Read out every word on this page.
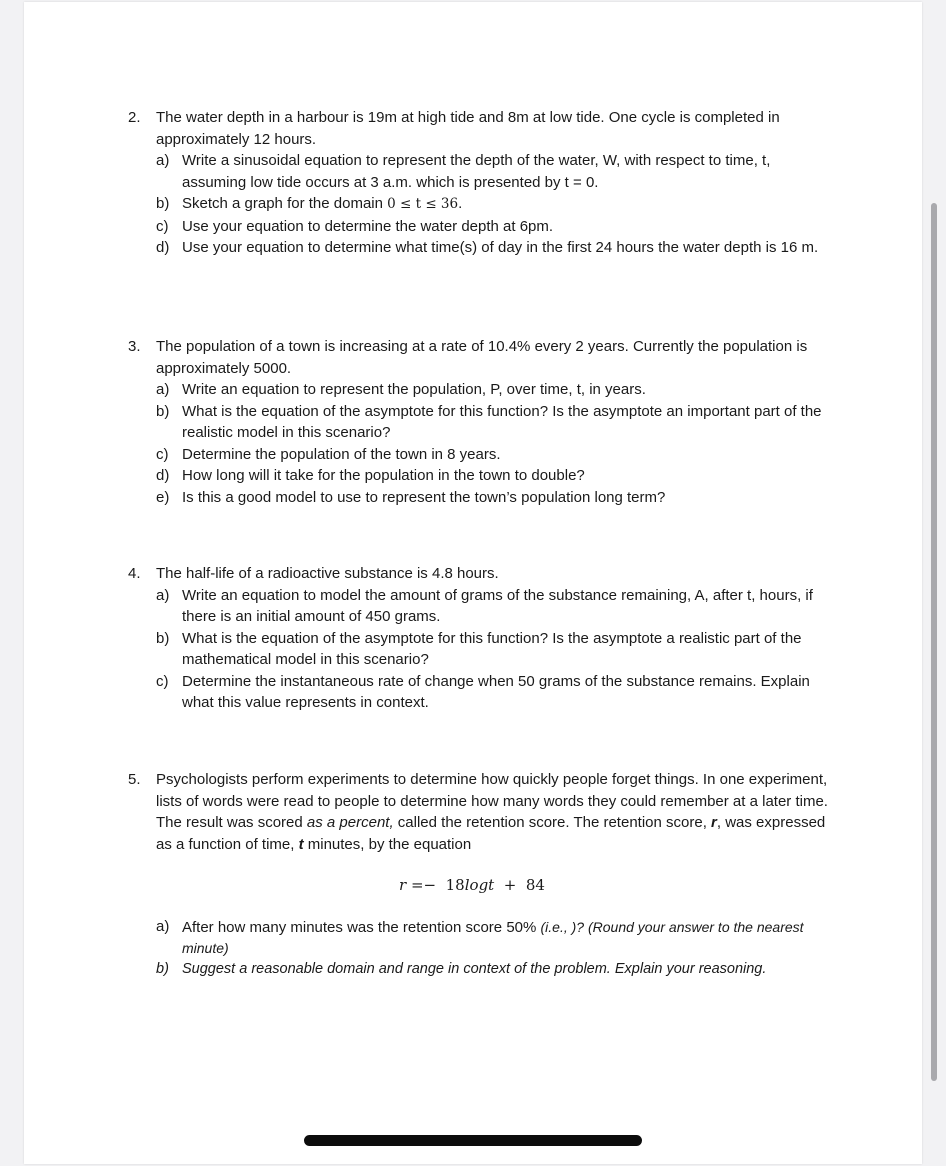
2.	The water depth in a harbour is 19m at high tide and 8m at low tide. One cycle is completed in approximately 12 hours.
a) Write a sinusoidal equation to represent the depth of the water, W, with respect to time, t, assuming low tide occurs at 3 a.m. which is presented by t = 0.
b) Sketch a graph for the domain 0 ≤ t ≤ 36.
c) Use your equation to determine the water depth at 6pm.
d) Use your equation to determine what time(s) of day in the first 24 hours the water depth is 16 m.
3.	The population of a town is increasing at a rate of 10.4% every 2 years. Currently the population is approximately 5000.
a) Write an equation to represent the population, P, over time, t, in years.
b) What is the equation of the asymptote for this function? Is the asymptote an important part of the realistic model in this scenario?
c) Determine the population of the town in 8 years.
d) How long will it take for the population in the town to double?
e) Is this a good model to use to represent the town’s population long term?
4.	The half-life of a radioactive substance is 4.8 hours.
a) Write an equation to model the amount of grams of the substance remaining, A, after t, hours, if there is an initial amount of 450 grams.
b) What is the equation of the asymptote for this function? Is the asymptote a realistic part of the mathematical model in this scenario?
c) Determine the instantaneous rate of change when 50 grams of the substance remains. Explain what this value represents in context.
5.	Psychologists perform experiments to determine how quickly people forget things. In one experiment, lists of words were read to people to determine how many words they could remember at a later time. The result was scored as a percent, called the retention score. The retention score, r, was expressed as a function of time, t minutes, by the equation
r =− 18logt + 84
a) After how many minutes was the retention score 50% (i.e., )? (Round your answer to the nearest minute)
b) Suggest a reasonable domain and range in context of the problem. Explain your reasoning.
